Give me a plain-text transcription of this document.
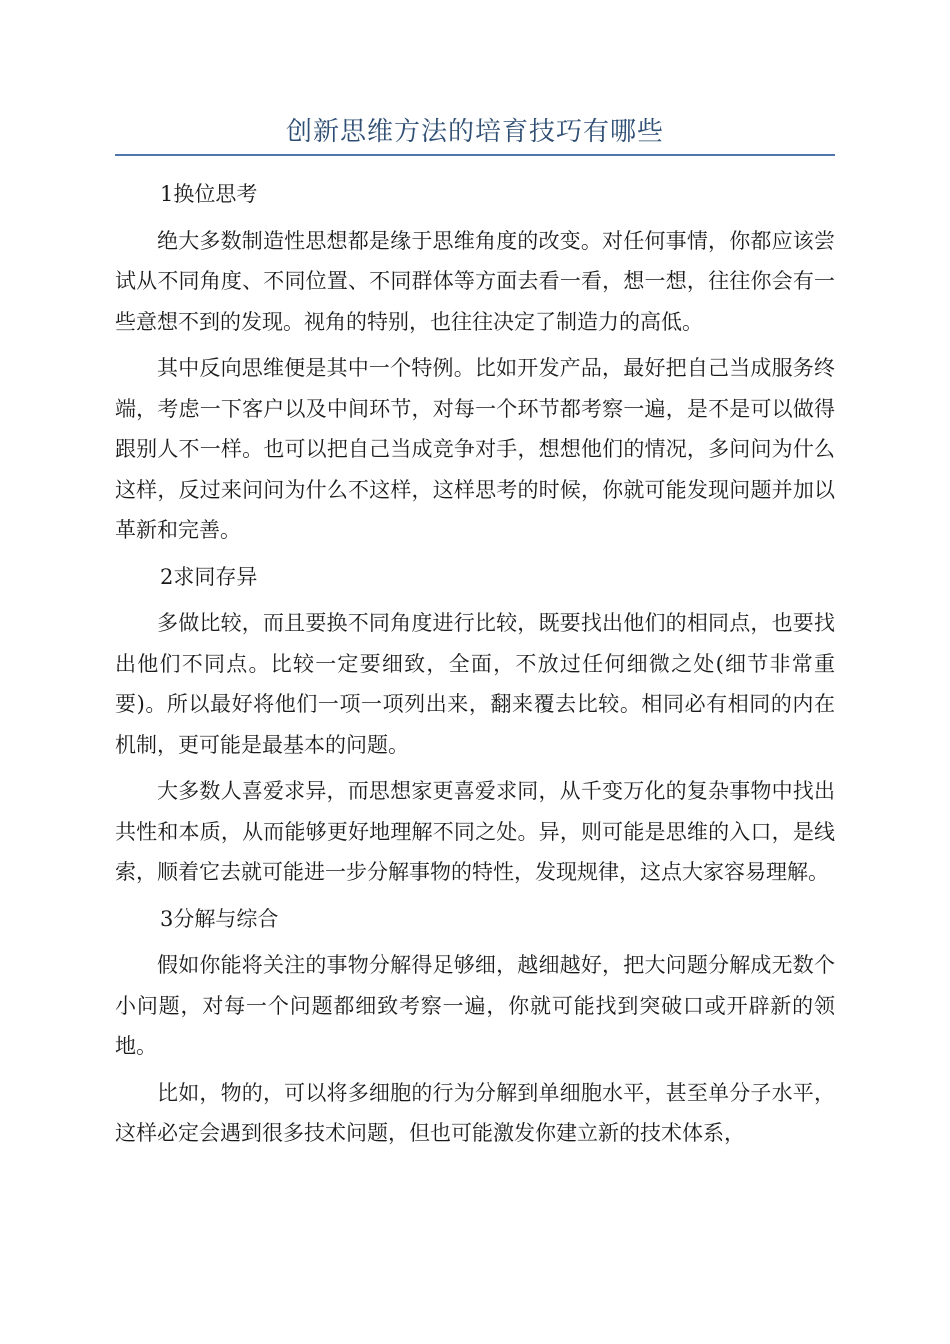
创新思维方法的培育技巧有哪些

1换位思考

绝大多数制造性思想都是缘于思维角度的改变。对任何事情，你都应该尝试从不同角度、不同位置、不同群体等方面去看一看，想一想，往往你会有一些意想不到的发现。视角的特别，也往往决定了制造力的高低。

其中反向思维便是其中一个特例。比如开发产品，最好把自己当成服务终端，考虑一下客户以及中间环节，对每一个环节都考察一遍，是不是可以做得跟别人不一样。也可以把自己当成竞争对手，想想他们的情况，多问问为什么这样，反过来问问为什么不这样，这样思考的时候，你就可能发现问题并加以革新和完善。

2求同存异

多做比较，而且要换不同角度进行比较，既要找出他们的相同点，也要找出他们不同点。比较一定要细致，全面，不放过任何细微之处(细节非常重要)。所以最好将他们一项一项列出来，翻来覆去比较。相同必有相同的内在机制，更可能是最基本的问题。

大多数人喜爱求异，而思想家更喜爱求同，从千变万化的复杂事物中找出共性和本质，从而能够更好地理解不同之处。异，则可能是思维的入口，是线索，顺着它去就可能进一步分解事物的特性，发现规律，这点大家容易理解。

3分解与综合

假如你能将关注的事物分解得足够细，越细越好，把大问题分解成无数个小问题，对每一个问题都细致考察一遍，你就可能找到突破口或开辟新的领地。

比如，物的，可以将多细胞的行为分解到单细胞水平，甚至单分子水平，这样必定会遇到很多技术问题，但也可能激发你建立新的技术体系，
